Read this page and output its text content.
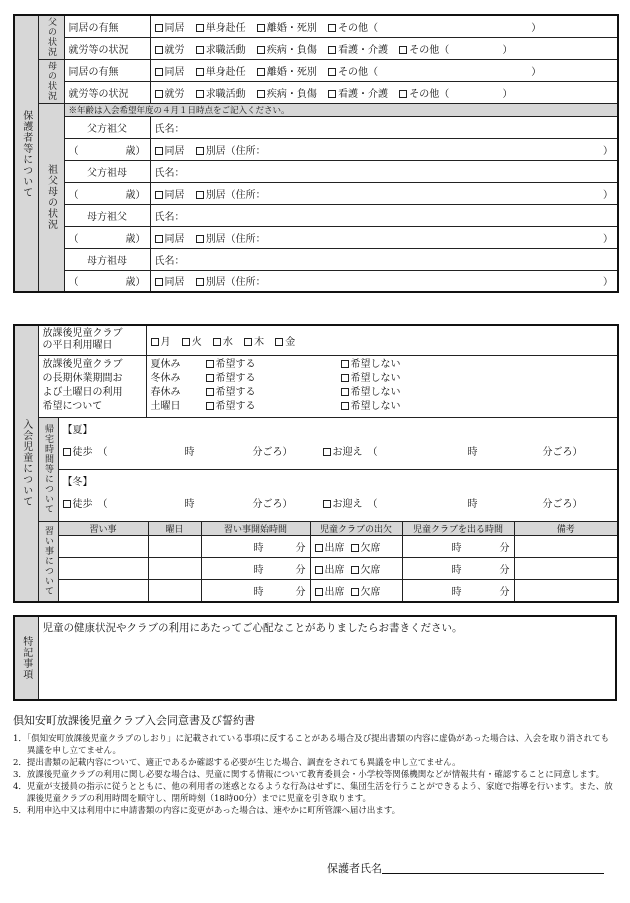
保護者等について	父の状況	同居の有無	同居 単身赴任 離婚・死別 その他（ ）
		就労等の状況	就労 求職活動 疾病・負傷 看護・介護 その他（ ）

	母の状況	同居の有無	同居 単身赴任 離婚・死別 その他（ ）
		就労等の状況	就労 求職活動 疾病・負傷 看護・介護 その他（ ）

	祖父母の状況	※年齢は入会希望年度の４月１日時点をご記入ください。	
		父方祖父	氏名：
		（ 歳）	同居 別居（住所： ）

		父方祖母	氏名：
		（ 歳）	同居 別居（住所： ）

		母方祖父	氏名：
		（ 歳）	同居 別居（住所： ）

		母方祖母	氏名：
		（ 歳）	同居 別居（住所： ）
入会児童について

放課後児童クラブ
の平日利用曜日	月 火 水 木 金

放課後児童クラブ
の長期休業期間お
よび土曜日の利用
希望について

夏休み	希望する	希望しない
冬休み	希望する	希望しない
春休み	希望する	希望しない
土曜日	希望する	希望しない

帰宅時間等について	【夏】
徒歩　（	時	分ごろ）	お迎え　（	時	分ごろ）

【冬】
徒歩　（	時	分ごろ）	お迎え　（	時	分ごろ）

習い事について
		習い事	曜日	習い事開始時間	児童クラブの出欠	児童クラブを出る時間	備考
		時	分	出席 欠席	時	分

		時	分	出席 欠席	時	分

		時	分	出席 欠席	時	分

特記事項
	児童の健康状況やクラブの利用にあたってご心配なことがありましたらお書きください。
倶知安町放課後児童クラブ入会同意書及び誓約書
1．「倶知安町放課後児童クラブのしおり」に記載されている事項に反することがある場合及び提出書類の内容に虚偽があった場合は、入会を取り消されても異議を申し立てません。
2．提出書類の記載内容について、適正であるか確認する必要が生じた場合、調査をされても異議を申し立てません。
3．放課後児童クラブの利用に関し必要な場合は、児童に関する情報について教育委員会・小学校等関係機関などが情報共有・確認することに同意します。
4．児童が支援員の指示に従うとともに、他の利用者の迷惑となるような行為はせずに、集団生活を行うことができるよう、家庭で指導を行います。また、放課後児童クラブの利用時間を順守し、閉所時刻（18時00分）までに児童を引き取ります。
5．利用申込中又は利用中に申請書類の内容に変更があった場合は、速やかに町所管課へ届け出ます。
保護者氏名
